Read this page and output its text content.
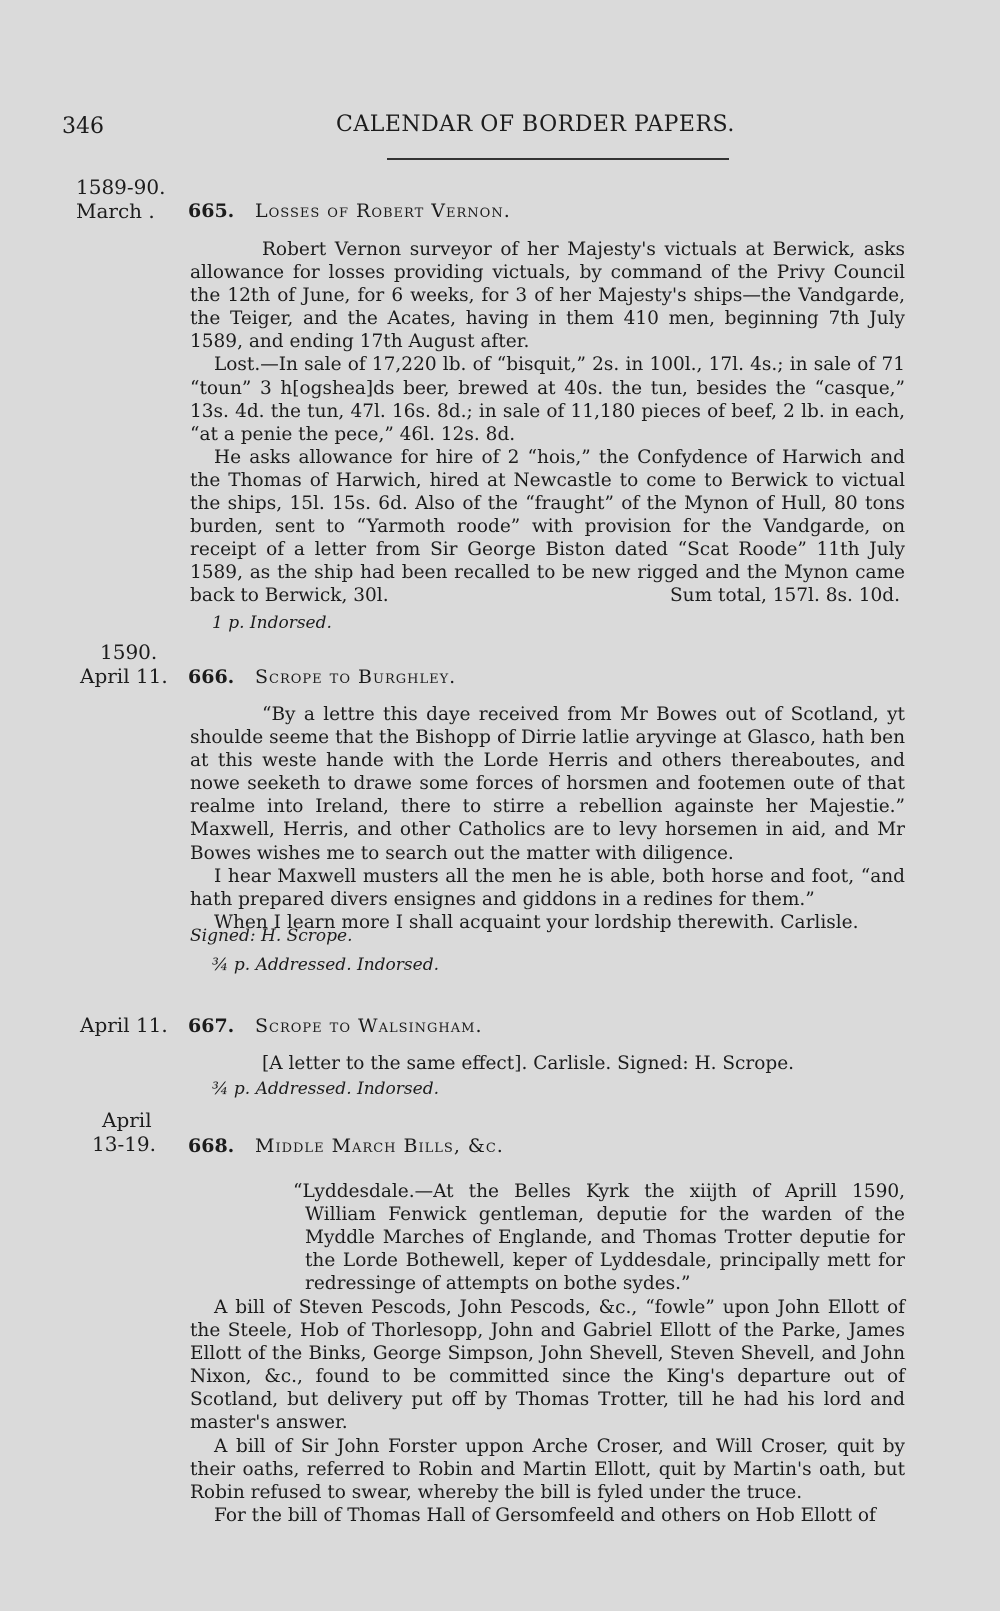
346	CALENDAR OF BORDER PAPERS.
1589-90.
March . 665. Losses of Robert Vernon.

Robert Vernon surveyor of her Majesty's victuals at Berwick, asks allowance for losses providing victuals, by command of the Privy Council the 12th of June, for 6 weeks, for 3 of her Majesty's ships—the Vandgarde, the Teiger, and the Acates, having in them 410 men, beginning 7th July 1589, and ending 17th August after.

Lost.—In sale of 17,220 lb. of “bisquit,” 2s. in 100l., 17l. 4s.; in sale of 71 “toun” 3 h[ogshea]ds beer, brewed at 40s. the tun, besides the “casque,” 13s. 4d. the tun, 47l. 16s. 8d.; in sale of 11,180 pieces of beef, 2 lb. in each, “at a penie the pece,” 46l. 12s. 8d.

He asks allowance for hire of 2 “hois,” the Confydence of Harwich and the Thomas of Harwich, hired at Newcastle to come to Berwick to victual the ships, 15l. 15s. 6d. Also of the “fraught” of the Mynon of Hull, 80 tons burden, sent to “Yarmoth roode” with provision for the Vandgarde, on receipt of a letter from Sir George Biston dated “Scat Roode” 11th July 1589, as the ship had been recalled to be new rigged and the Mynon came back to Berwick, 30l.	Sum total, 157l. 8s. 10d.
1 p. Indorsed.
1590.
April 11. 666. Scrope to Burghley.

“By a lettre this daye received from Mr Bowes out of Scotland, yt shoulde seeme that the Bishopp of Dirrie latlie aryvinge at Glasco, hath ben at this weste hande with the Lorde Herris and others thereaboutes, and nowe seeketh to drawe some forces of horsmen and footemen oute of that realme into Ireland, there to stirre a rebellion againste her Majestie.” Maxwell, Herris, and other Catholics are to levy horsemen in aid, and Mr Bowes wishes me to search out the matter with diligence.

I hear Maxwell musters all the men he is able, both horse and foot, “and hath prepared divers ensignes and giddons in a redines for them.”

When I learn more I shall acquaint your lordship therewith. Carlisle.

Signed: H. Scrope.
¾ p. Addressed. Indorsed.
April 11. 667. Scrope to Walsingham.

[A letter to the same effect]. Carlisle. Signed: H. Scrope.

¾ p. Addressed. Indorsed.
April
13-19. 668. Middle March Bills, &c.

“Lyddesdale.—At the Belles Kyrk the xiijth of Aprill 1590, William Fenwick gentleman, deputie for the warden of the Myddle Marches of Englande, and Thomas Trotter deputie for the Lorde Bothewell, keper of Lyddesdale, principally mett for redressinge of attempts on bothe sydes.”

A bill of Steven Pescods, John Pescods, &c., “fowle” upon John Ellott of the Steele, Hob of Thorlesopp, John and Gabriel Ellott of the Parke, James Ellott of the Binks, George Simpson, John Shevell, Steven Shevell, and John Nixon, &c., found to be committed since the King's departure out of Scotland, but delivery put off by Thomas Trotter, till he had his lord and master's answer.

A bill of Sir John Forster uppon Arche Croser, and Will Croser, quit by their oaths, referred to Robin and Martin Ellott, quit by Martin's oath, but Robin refused to swear, whereby the bill is fyled under the truce.

For the bill of Thomas Hall of Gersomfeeld and others on Hob Ellott of
